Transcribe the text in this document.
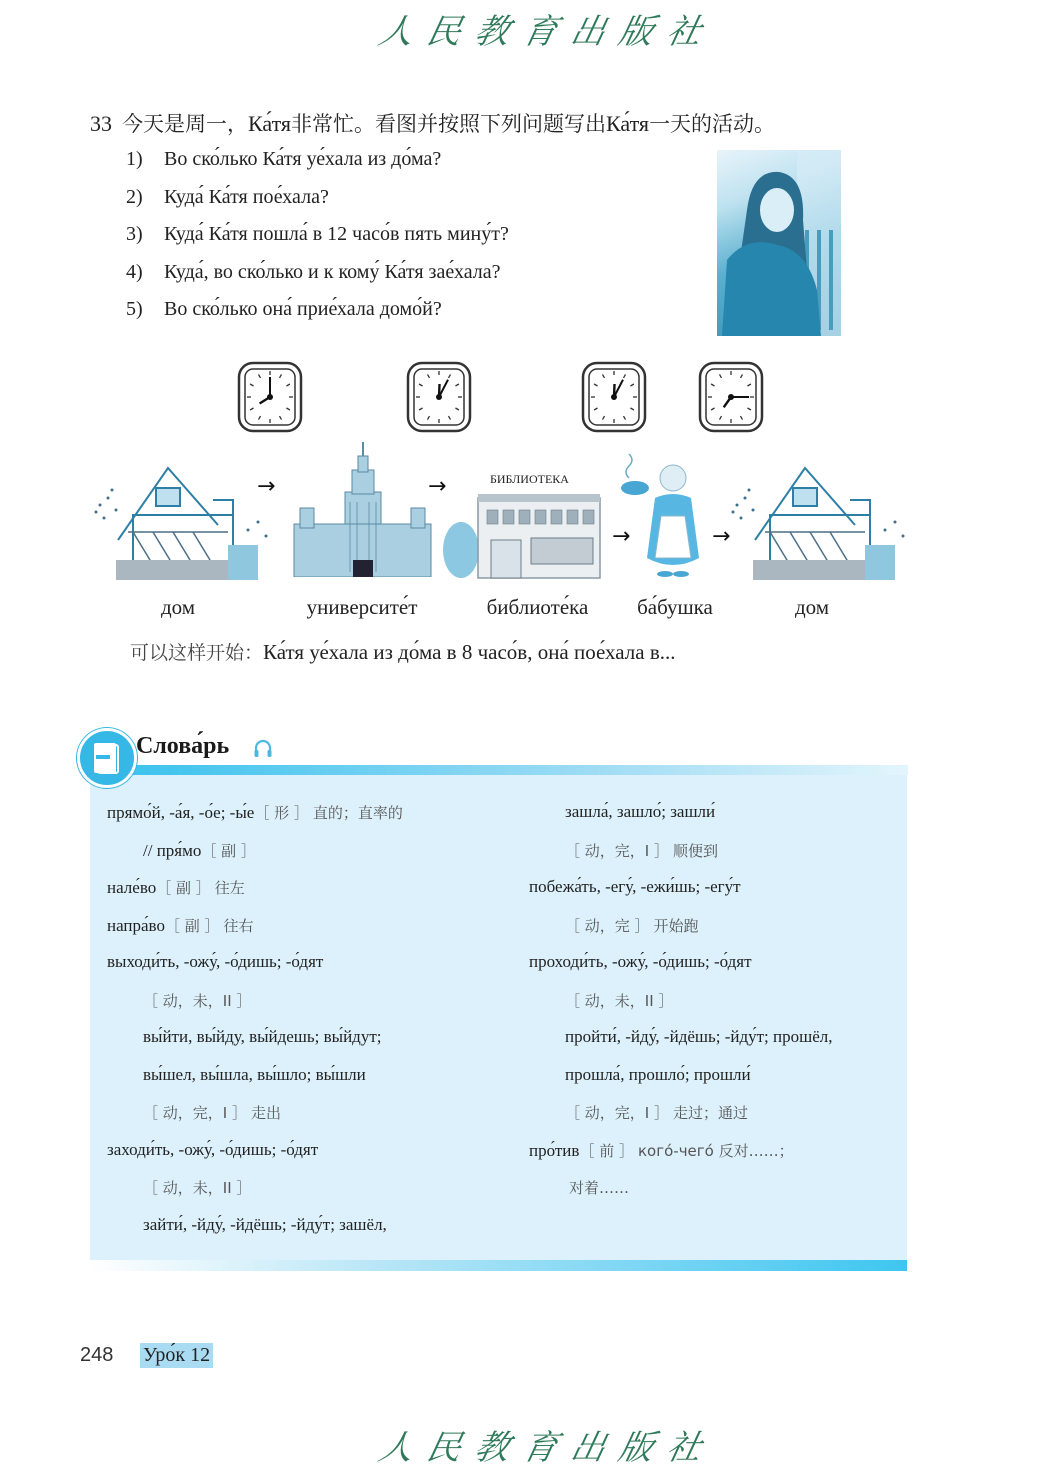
人民教育出版社
33 今天是周一，Ка́тя非常忙。看图并按照下列问题写出Ка́тя一天的活动。
1)	Во ско́лько Ка́тя уе́хала из до́ма?
2)	Куда́ Ка́тя пое́хала?
3)	Куда́ Ка́тя пошла́ в 12 часо́в пять мину́т?
4)	Куда́, во ско́лько и к кому́ Ка́тя зае́хала?
5)	Во ско́лько она́ прие́хала домо́й?
→	→	БИБЛИОТЕКА
→	→
дом	университе́т	библиоте́ка	ба́бушка	дом
可以这样开始：Ка́тя уе́хала из до́ма в 8 часо́в, она́ пое́хала в...
Слова́рь
прямо́й, -а́я, -о́е; -ы́е［ 形 ］ 直的；直率的
// пря́мо［ 副 ］
нале́во［ 副 ］ 往左
напра́во［ 副 ］ 往右
выходи́ть, -ожу́, -о́дишь; -о́дят
［ 动，未，II ］
вы́йти, вы́йду, вы́йдешь; вы́йдут;
вы́шел, вы́шла, вы́шло; вы́шли
［ 动，完，I ］ 走出
заходи́ть, -ожу́, -о́дишь; -о́дят
［ 动，未，II ］
зайти́, -йду́, -йдёшь; -йду́т; зашёл,
зашла́, зашло́; зашли́
［ 动，完，I ］ 顺便到
побежа́ть, -егу́, -ежи́шь; -егу́т
［ 动，完 ］ 开始跑
проходи́ть, -ожу́, -о́дишь; -о́дят
［ 动，未，II ］
пройти́, -йду́, -йдёшь; -йду́т; прошёл,
прошла́, прошло́; прошли́
［ 动，完，I ］ 走过；通过
про́тив［ 前 ］ кого́-чего́ 反对……；
对着……
248 Уро́к 12
人民教育出版社
